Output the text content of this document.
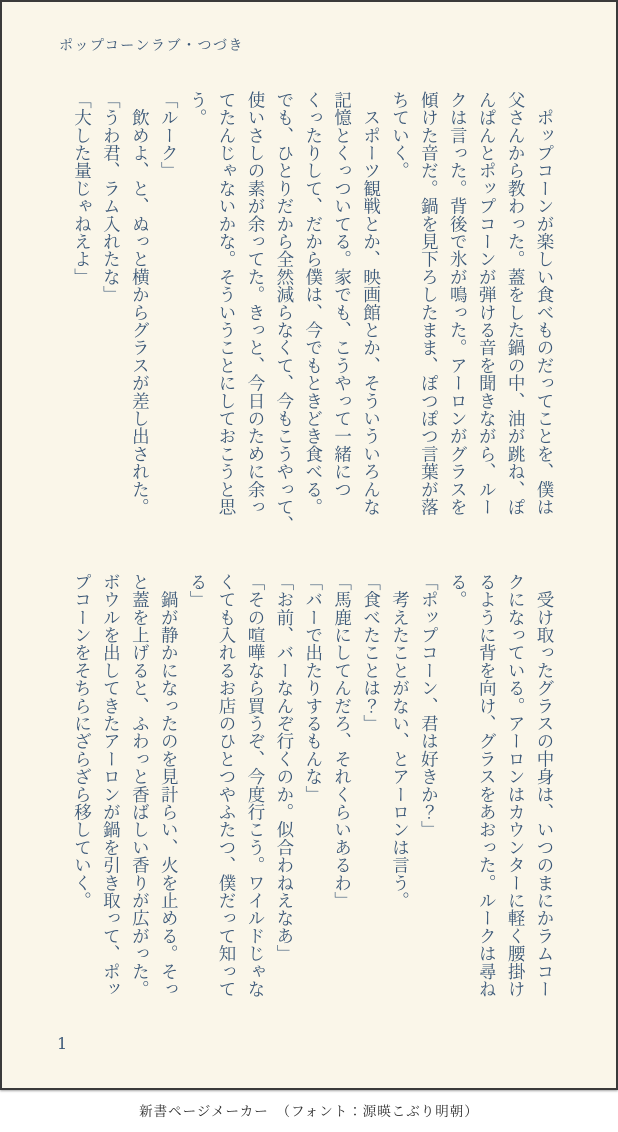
ポップコーンラブ・つづき

　ポップコーンが楽しい食べものだってことを、僕は

父さんから教わった。蓋をした鍋の中、油が跳ね、ぽ

んぱんとポップコーンが弾ける音を聞きながら、ルー

クは言った。背後で氷が鳴った。アーロンがグラスを

傾けた音だ。鍋を見下ろしたまま、ぽつぽつ言葉が落

ちていく。

　スポーツ観戦とか、映画館とか、そういういろんな

記憶とくっついてる。家でも、こうやって一緒につ

くったりして、だから僕は、今でもときどき食べる。

でも、ひとりだから全然減らなくて、今もこうやって、

使いさしの素が余ってた。きっと、今日のために余っ

てたんじゃないかな。そういうことにしておこうと思

う。

「ルーク」

　飲めよ、と、ぬっと横からグラスが差し出された。

「うわ君、ラム入れたな」

「大した量じゃねえよ」

　受け取ったグラスの中身は、いつのまにかラムコー

クになっている。アーロンはカウンターに軽く腰掛け

るように背を向け、グラスをあおった。ルークは尋ね

る。

「ポップコーン、君は好きか？」

　考えたことがない、とアーロンは言う。

「食べたことは？」

「馬鹿にしてんだろ、それくらいあるわ」

「バーで出たりするもんな」

「お前、バーなんぞ行くのか。似合わねえなあ」

「その喧嘩なら買うぞ、今度行こう。ワイルドじゃな

くても入れるお店のひとつやふたつ、僕だって知って

る」

　鍋が静かになったのを見計らい、火を止める。そっ

と蓋を上げると、ふわっと香ばしい香りが広がった。

ボウルを出してきたアーロンが鍋を引き取って、ポッ

プコーンをそちらにざらざら移していく。

1
新書ページメーカー　（フォント：源暎こぶり明朝）
